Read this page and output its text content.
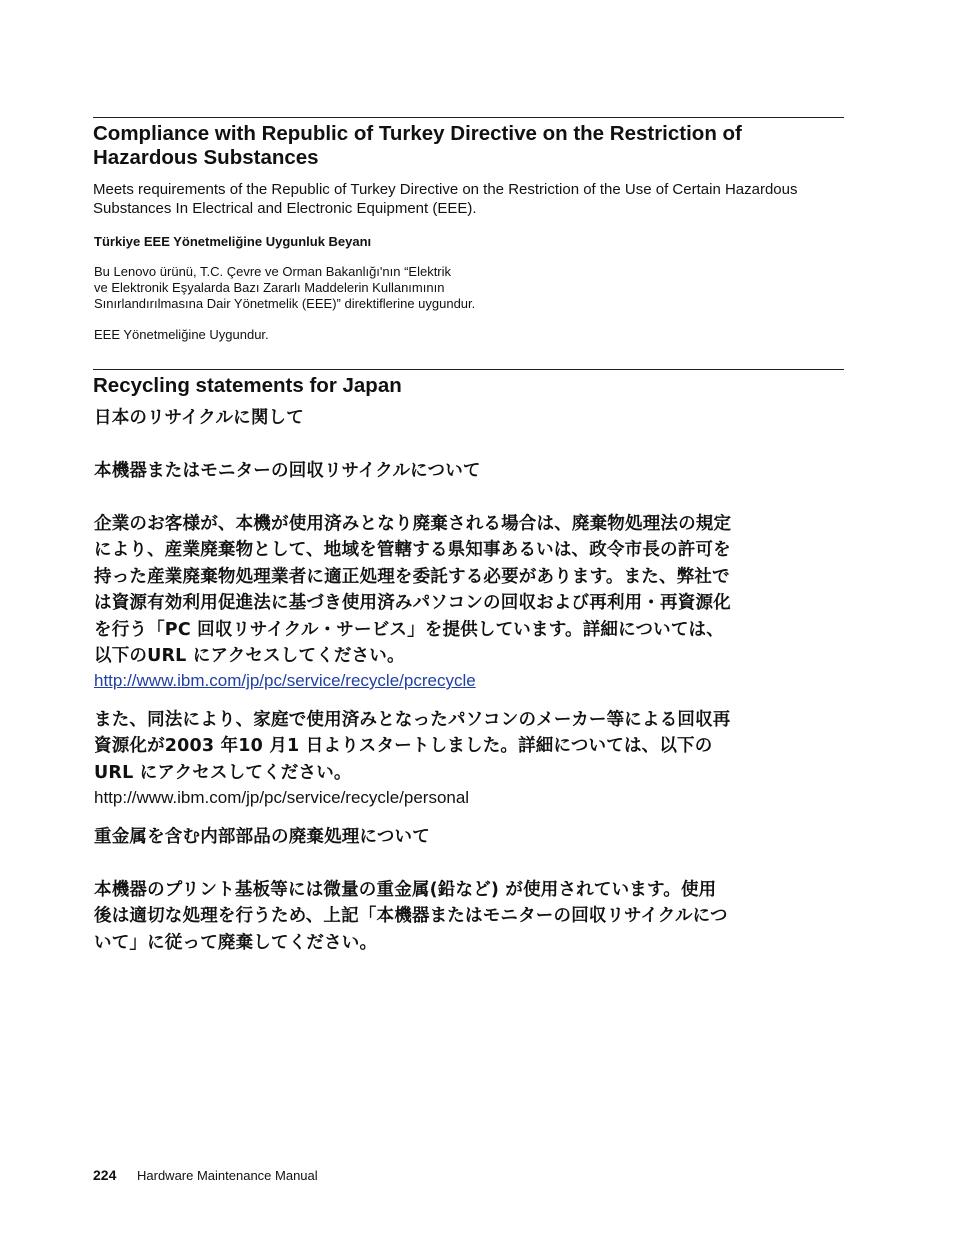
Compliance with Republic of Turkey Directive on the Restriction of Hazardous Substances

Meets requirements of the Republic of Turkey Directive on the Restriction of the Use of Certain Hazardous

Substances In Electrical and Electronic Equipment (EEE).

Türkiye EEE Yönetmeliğine Uygunluk Beyanı

Bu Lenovo ürünü, T.C. Çevre ve Orman Bakanlığı'nın “Elektrik

ve Elektronik Eşyalarda Bazı Zararlı Maddelerin Kullanımının

Sınırlandırılmasına Dair Yönetmelik (EEE)” direktiflerine uygundur.

EEE Yönetmeliğine Uygundur.

Recycling statements for Japan

日本のリサイクルに関して

本機器またはモニターの回収リサイクルについて

企業のお客様が、本機が使用済みとなり廃棄される場合は、廃棄物処理法の規定

により、産業廃棄物として、地域を管轄する県知事あるいは、政令市長の許可を

持った産業廃棄物処理業者に適正処理を委託する必要があります。また、弊社で

は資源有効利用促進法に基づき使用済みパソコンの回収および再利用・再資源化

を行う「PC 回収リサイクル・サービス」を提供しています。詳細については、

以下のURL にアクセスしてください。

http://www.ibm.com/jp/pc/service/recycle/pcrecycle

また、同法により、家庭で使用済みとなったパソコンのメーカー等による回収再

資源化が2003 年10 月1 日よりスタートしました。詳細については、以下の

URL にアクセスしてください。

http://www.ibm.com/jp/pc/service/recycle/personal

重金属を含む内部部品の廃棄処理について

本機器のプリント基板等には微量の重金属(鉛など) が使用されています。使用

後は適切な処理を行うため、上記「本機器またはモニターの回収リサイクルにつ

いて」に従って廃棄してください。

224 Hardware Maintenance Manual
